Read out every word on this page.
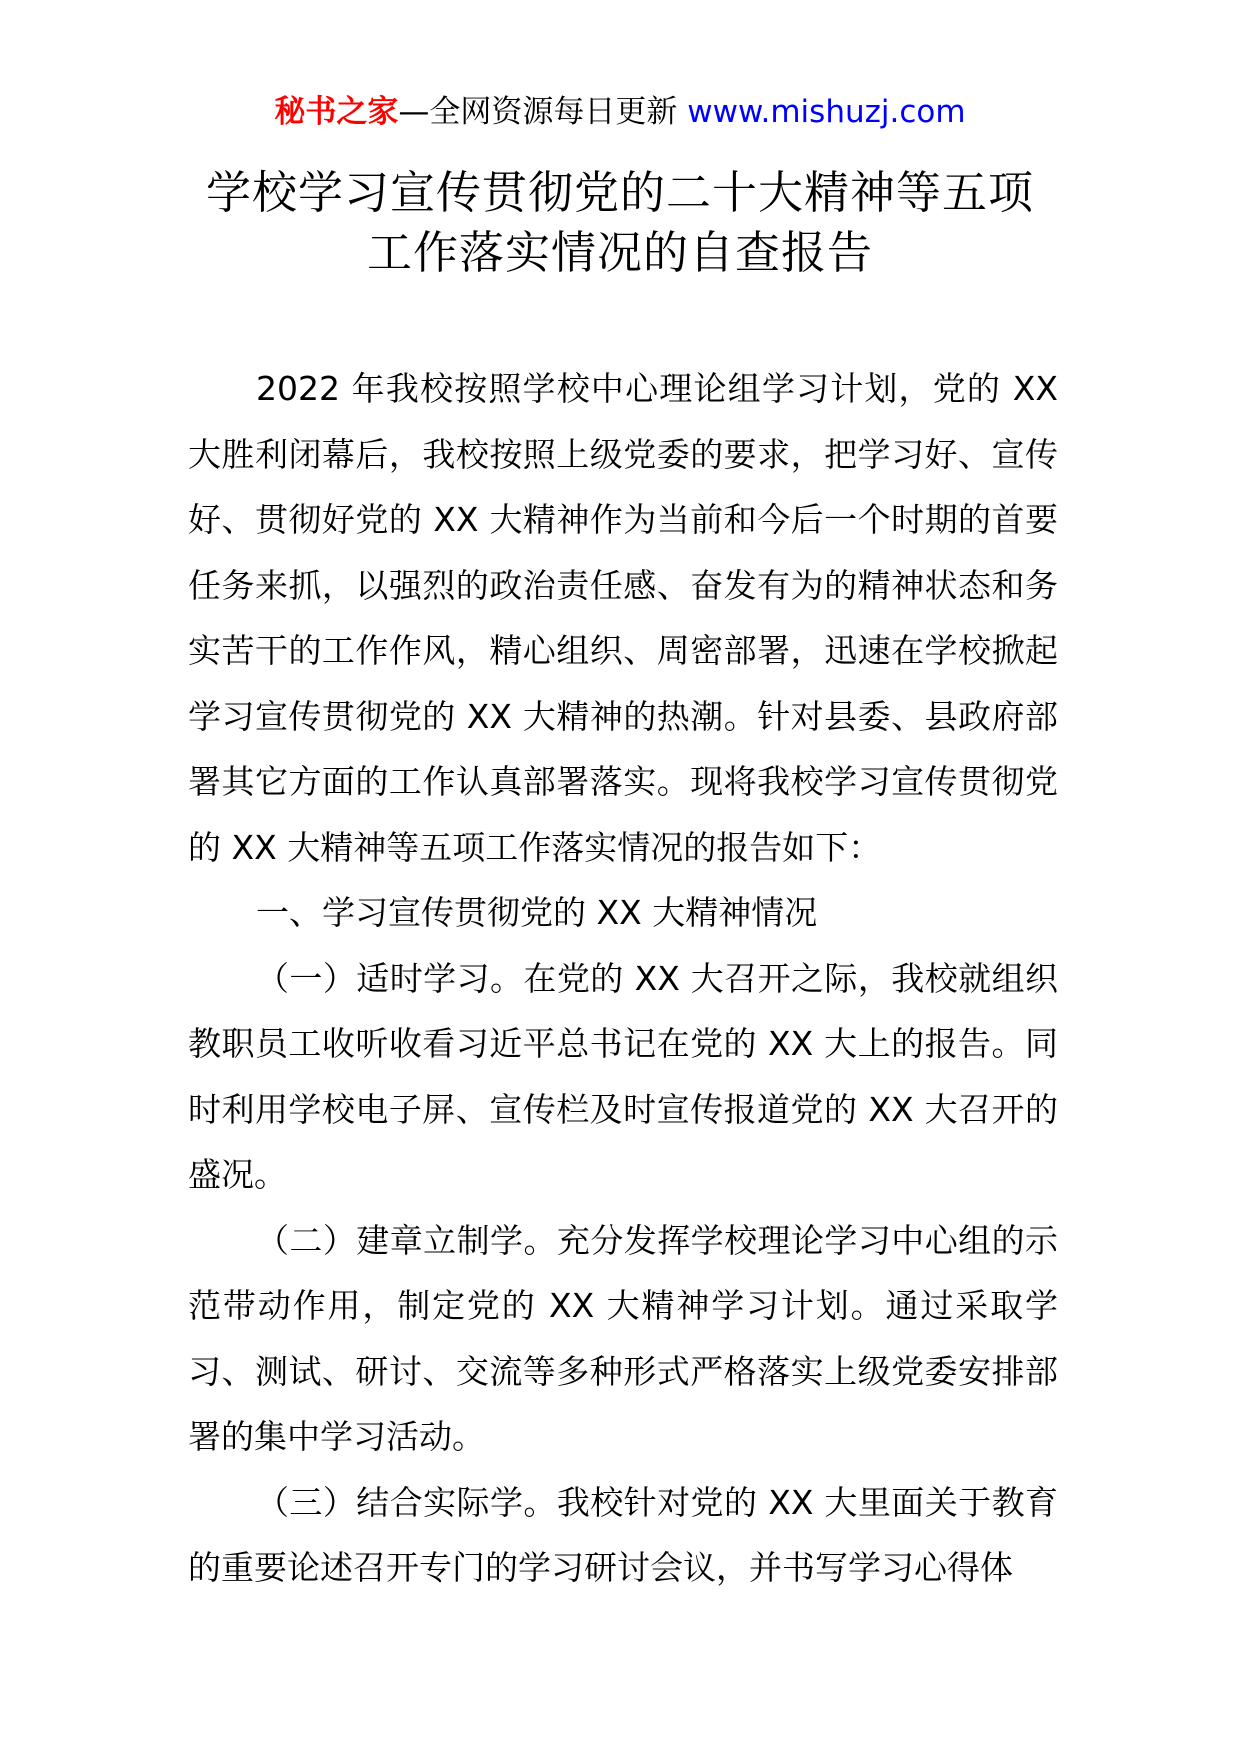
秘书之家—全网资源每日更新 www.mishuzj.com
学校学习宣传贯彻党的二十大精神等五项
工作落实情况的自查报告

2022 年我校按照学校中心理论组学习计划，党的 XX 大胜利闭幕后，我校按照上级党委的要求，把学习好、宣传好、贯彻好党的 XX 大精神作为当前和今后一个时期的首要任务来抓，以强烈的政治责任感、奋发有为的精神状态和务实苦干的工作作风，精心组织、周密部署，迅速在学校掀起学习宣传贯彻党的 XX 大精神的热潮。针对县委、县政府部署其它方面的工作认真部署落实。现将我校学习宣传贯彻党的 XX 大精神等五项工作落实情况的报告如下：

一、学习宣传贯彻党的 XX 大精神情况

（一）适时学习。在党的 XX 大召开之际，我校就组织教职员工收听收看习近平总书记在党的 XX 大上的报告。同时利用学校电子屏、宣传栏及时宣传报道党的 XX 大召开的盛况。

（二）建章立制学。充分发挥学校理论学习中心组的示范带动作用，制定党的 XX 大精神学习计划。通过采取学习、测试、研讨、交流等多种形式严格落实上级党委安排部署的集中学习活动。

（三）结合实际学。我校针对党的 XX 大里面关于教育的重要论述召开专门的学习研讨会议，并书写学习心得体
